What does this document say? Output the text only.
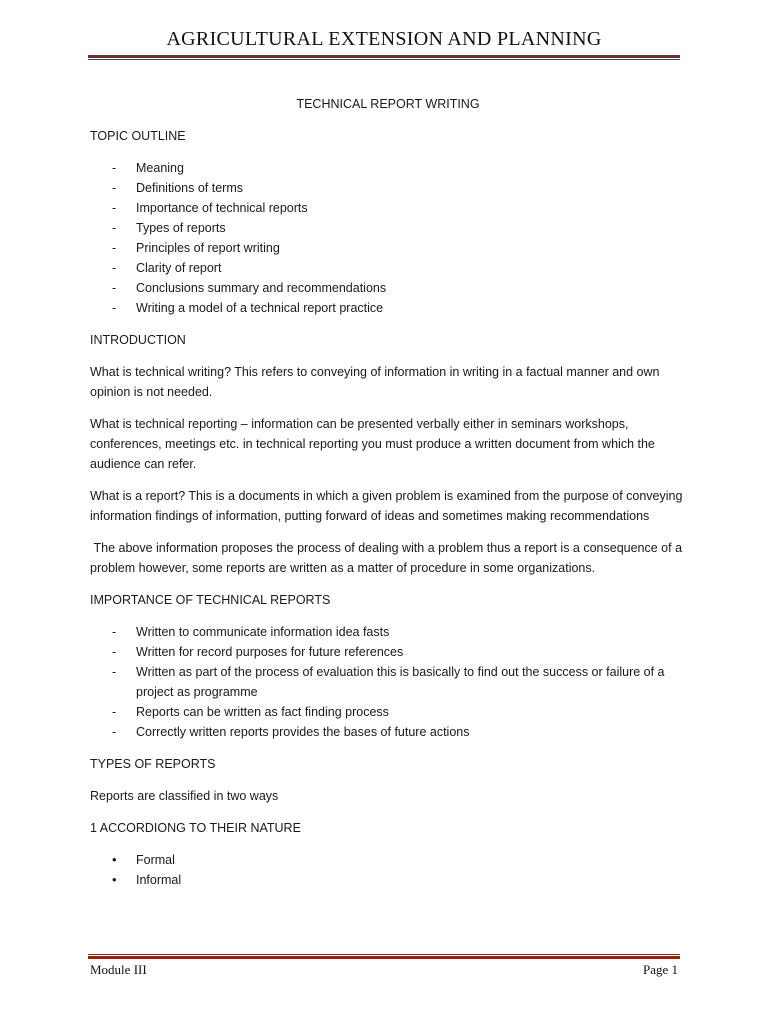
AGRICULTURAL EXTENSION AND PLANNING
TECHNICAL REPORT WRITING
TOPIC OUTLINE
- Meaning
- Definitions of terms
- Importance of technical reports
- Types of reports
- Principles of report writing
- Clarity of report
- Conclusions summary and recommendations
- Writing a model of a technical report practice
INTRODUCTION

What is technical writing? This refers to conveying of information in writing in a factual manner and own opinion is not needed.

What is technical reporting – information can be presented verbally either in seminars workshops, conferences, meetings etc. in technical reporting you must produce a written document from which the audience can refer.

What is a report? This is a documents in which a given problem is examined from the purpose of conveying information findings of information, putting forward of ideas and sometimes making recommendations

The above information proposes the process of dealing with a problem thus a report is a consequence of a problem however, some reports are written as a matter of procedure in some organizations.

IMPORTANCE OF TECHNICAL REPORTS
- Written to communicate information idea fasts
- Written for record purposes for future references
- Written as part of the process of evaluation this is basically to find out the success or failure of a project as programme
- Reports can be written as fact finding process
- Correctly written reports provides the bases of future actions
TYPES OF REPORTS

Reports are classified in two ways

1 ACCORDIONG TO THEIR NATURE
• Formal
• Informal
Module III	Page 1
